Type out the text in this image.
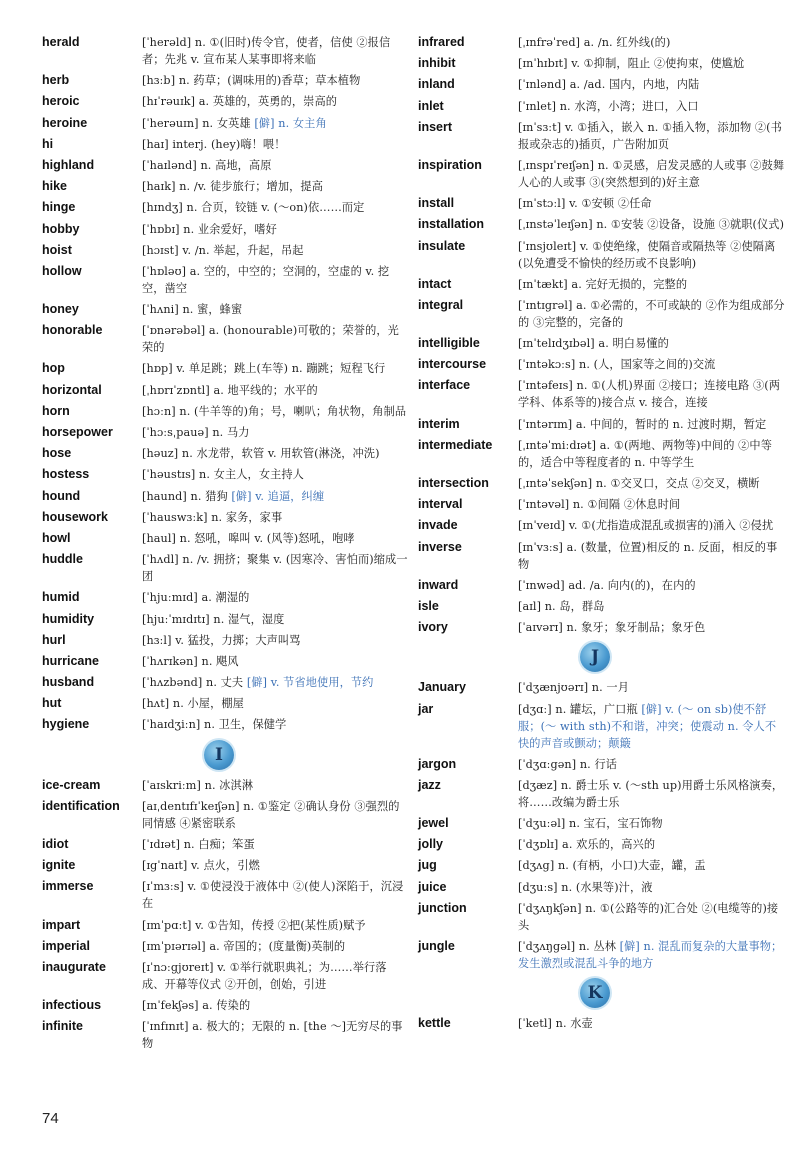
herald	[ˈherəld] n. ①(旧时)传令官，使者，信使 ②报信者；先兆 v. 宣布某人某事即将来临
herb	[hɜːb] n. 药草；(调味用的)香草；草本植物
heroic	[hɪˈrəuɪk] a. 英雄的，英勇的，崇高的
heroine	[ˈherəuɪn] n. 女英雄 [僻] n. 女主角
hi	[haɪ] interj. (hey)嗨！喂！
highland	[ˈhaɪlənd] n. 高地，高原
hike	[haɪk] n. /v. 徒步旅行；增加，提高
hinge	[hɪndʒ] n. 合页，铰链 v. (～on)依……而定
hobby	[ˈhɒbɪ] n. 业余爱好，嗜好
hoist	[hɔɪst] v. /n. 举起，升起，吊起
hollow	[ˈhɒləʊ] a. 空的，中空的；空洞的，空虚的 v. 挖空，凿空
honey	[ˈhʌni] n. 蜜，蜂蜜
honorable	[ˈɒnərəbəl] a. (honourable)可敬的；荣誉的，光荣的
hop	[hɒp] v. 单足跳；跳上(车等) n. 蹦跳；短程飞行
horizontal	[ˌhɒrɪˈzɒntl] a. 地平线的；水平的
horn	[hɔːn] n. (牛羊等的)角；号，喇叭；角状物，角制品
horsepower	[ˈhɔːsˌpauə] n. 马力
hose	[həuz] n. 水龙带，软管 v. 用软管(淋浇，冲洗)
hostess	[ˈhəustɪs] n. 女主人，女主持人
hound	[haund] n. 猎狗 [僻] v. 追逼，纠缠
housework	[ˈhauswɜːk] n. 家务，家事
howl	[haul] n. 怒吼，嗥叫 v. (风等)怒吼，咆哮
huddle	[ˈhʌdl] n. /v. 拥挤；聚集 v. (因寒冷、害怕而)缩成一团
humid	[ˈhjuːmɪd] a. 潮湿的
humidity	[hjuːˈmɪdɪtɪ] n. 湿气，湿度
hurl	[hɜːl] v. 猛投，力掷；大声叫骂
hurricane	[ˈhʌrɪkən] n. 飓风
husband	[ˈhʌzbənd] n. 丈夫 [僻] v. 节省地使用，节约
hut	[hʌt] n. 小屋，棚屋
hygiene	[ˈhaɪdʒiːn] n. 卫生，保健学
I
ice-cream	[ˈaɪskriːm] n. 冰淇淋
identification	[aɪˌdentɪfɪˈkeɪʃən] n. ①鉴定 ②确认身份 ③强烈的同情感 ④紧密联系
idiot	[ˈɪdɪət] n. 白痴；笨蛋
ignite	[ɪgˈnaɪt] v. 点火，引燃
immerse	[ɪˈmɜːs] v. ①使浸没于液体中 ②(使人)深陷于，沉浸在
impart	[ɪmˈpɑːt] v. ①告知，传授 ②把(某性质)赋予
imperial	[ɪmˈpɪərɪəl] a. 帝国的；(度量衡)英制的
inaugurate	[ɪˈnɔːgjʊreɪt] v. ①举行就职典礼；为……举行落成、开幕等仪式 ②开创，创始，引进
infectious	[ɪnˈfekʃəs] a. 传染的
infinite	[ˈɪnfɪnɪt] a. 极大的；无限的 n. [the ～]无穷尽的事物
infrared	[ˌɪnfrəˈred] a. /n. 红外线(的)
inhibit	[ɪnˈhɪbɪt] v. ①抑制，阻止 ②使拘束，使尴尬
inland	[ˈɪnlənd] a. /ad. 国内，内地，内陆
inlet	[ˈɪnlet] n. 水湾，小湾；进口，入口
insert	[ɪnˈsɜːt] v. ①插入，嵌入 n. ①插入物，添加物 ②(书报或杂志的)插页，广告附加页
inspiration	[ˌɪnspɪˈreɪʃən] n. ①灵感，启发灵感的人或事 ②鼓舞人心的人或事 ③(突然想到的)好主意
install	[ɪnˈstɔːl] v. ①安顿 ②任命
installation	[ˌɪnstəˈleɪʃən] n. ①安装 ②设备，设施 ③就职(仪式)
insulate	[ˈɪnsjʊleɪt] v. ①使绝缘，使隔音或隔热等 ②使隔离(以免遭受不愉快的经历或不良影响)
intact	[ɪnˈtækt] a. 完好无损的，完整的
integral	[ˈɪntɪgrəl] a. ①必需的，不可或缺的 ②作为组成部分的 ③完整的，完备的
intelligible	[ɪnˈtelɪdʒɪbəl] a. 明白易懂的
intercourse	[ˈɪntəkɔːs] n. (人，国家等之间的)交流
interface	[ˈɪntəfeɪs] n. ①(人机)界面 ②接口；连接电路 ③(两学科、体系等的)接合点 v. 接合，连接
interim	[ˈɪntərɪm] a. 中间的，暂时的 n. 过渡时期，暂定
intermediate	[ˌɪntəˈmiːdɪət] a. ①(两地、两物等)中间的 ②中等的，适合中等程度者的 n. 中等学生
intersection	[ˌɪntəˈsekʃən] n. ①交叉口，交点 ②交叉，横断
interval	[ˈɪntəvəl] n. ①间隔 ②休息时间
invade	[ɪnˈveɪd] v. ①(尤指造成混乱或损害的)涌入 ②侵扰
inverse	[ɪnˈvɜːs] a. (数量，位置)相反的 n. 反面，相反的事物
inward	[ˈɪnwəd] ad. /a. 向内(的)，在内的
isle	[aɪl] n. 岛，群岛
ivory	[ˈaɪvərɪ] n. 象牙；象牙制品；象牙色
J
January	[ˈdʒænjʊərɪ] n. 一月
jar	[dʒɑː] n. 罐坛，广口瓶 [僻] v. (～ on sb)使不舒服；(～ with sth)不和谐，冲突；使震动 n. 令人不快的声音或颤动；颠簸
jargon	[ˈdʒɑːgən] n. 行话
jazz	[dʒæz] n. 爵士乐 v. (～sth up)用爵士乐风格演奏，将……改编为爵士乐
jewel	[ˈdʒuːəl] n. 宝石，宝石饰物
jolly	[ˈdʒɒlɪ] a. 欢乐的，高兴的
jug	[dʒʌg] n. (有柄，小口)大壶，罐，盂
juice	[dʒuːs] n. (水果等)汁，液
junction	[ˈdʒʌŋkʃən] n. ①(公路等的)汇合处 ②(电缆等的)接头
jungle	[ˈdʒʌŋgəl] n. 丛林 [僻] n. 混乱而复杂的大量事物；发生激烈或混乱斗争的地方
K
kettle	[ˈketl] n. 水壶
74
